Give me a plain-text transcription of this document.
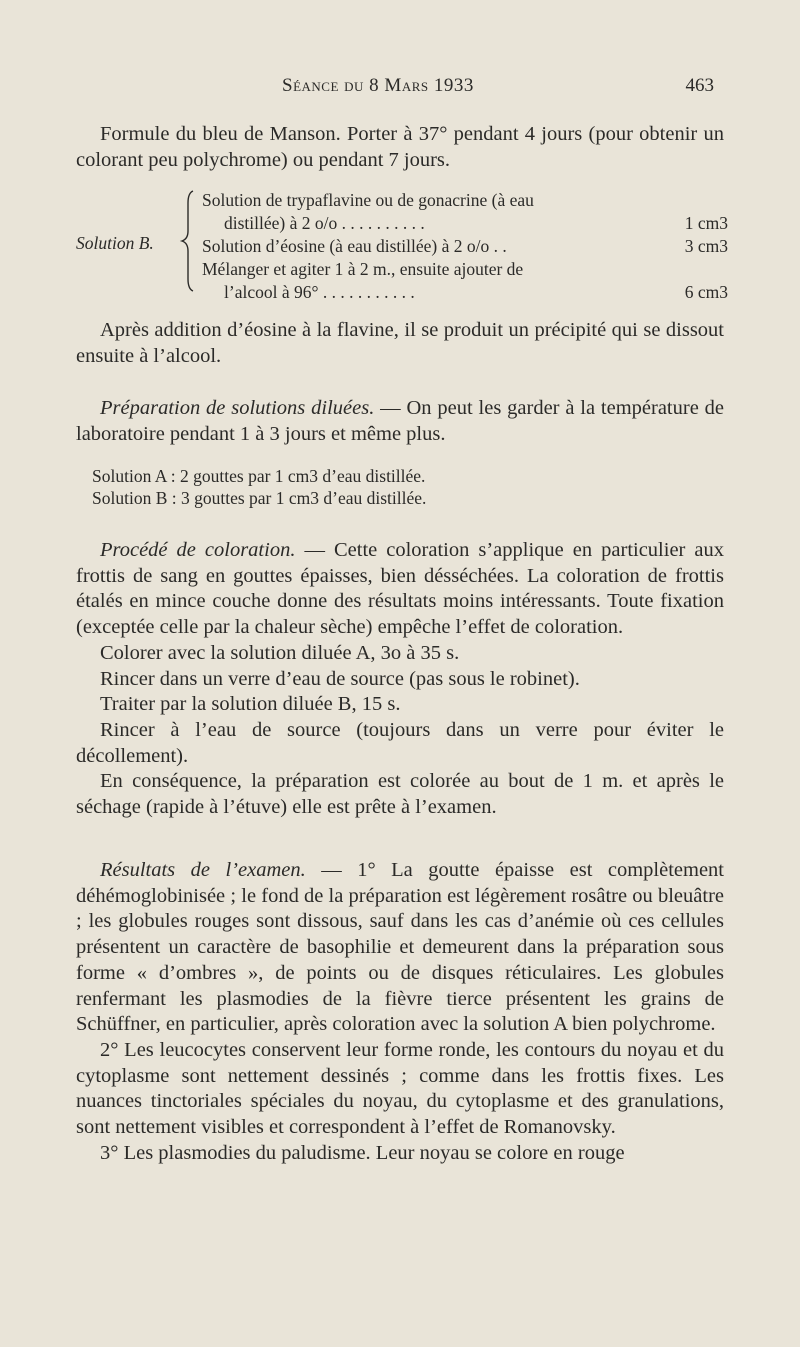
Séance du 8 Mars 1933	463

Formule du bleu de Manson. Porter à 37° pendant 4 jours (pour obtenir un colorant peu polychrome) ou pendant 7 jours.

Solution B.
Solution de trypaflavine ou de gonacrine (à eau
distillée) à 2 o/o . . . . . . . . . .	1 cm3
Solution d’éosine (à eau distillée) à 2 o/o . .	3 cm3
Mélanger et agiter 1 à 2 m., ensuite ajouter de
l’alcool à 96° . . . . . . . . . . .	6 cm3

Après addition d’éosine à la flavine, il se produit un précipité qui se dissout ensuite à l’alcool.

Préparation de solutions diluées. — On peut les garder à la température de laboratoire pendant 1 à 3 jours et même plus.

Solution A : 2 gouttes par 1 cm3 d’eau distillée.
Solution B : 3 gouttes par 1 cm3 d’eau distillée.

Procédé de coloration. — Cette coloration s’applique en particulier aux frottis de sang en gouttes épaisses, bien désséchées. La coloration de frottis étalés en mince couche donne des résultats moins intéressants. Toute fixation (exceptée celle par la chaleur sèche) empêche l’effet de coloration.

Colorer avec la solution diluée A, 3o à 35 s.

Rincer dans un verre d’eau de source (pas sous le robinet).

Traiter par la solution diluée B, 15 s.

Rincer à l’eau de source (toujours dans un verre pour éviter le décollement).

En conséquence, la préparation est colorée au bout de 1 m. et après le séchage (rapide à l’étuve) elle est prête à l’examen.

Résultats de l’examen. — 1° La goutte épaisse est complètement déhémoglobinisée ; le fond de la préparation est légèrement rosâtre ou bleuâtre ; les globules rouges sont dissous, sauf dans les cas d’anémie où ces cellules présentent un caractère de basophilie et demeurent dans la préparation sous forme « d’ombres », de points ou de disques réticulaires. Les globules renfermant les plasmodies de la fièvre tierce présentent les grains de Schüffner, en particulier, après coloration avec la solution A bien polychrome.

2° Les leucocytes conservent leur forme ronde, les contours du noyau et du cytoplasme sont nettement dessinés ; comme dans les frottis fixes. Les nuances tinctoriales spéciales du noyau, du cytoplasme et des granulations, sont nettement visibles et correspondent à l’effet de Romanovsky.

3° Les plasmodies du paludisme. Leur noyau se colore en rouge
